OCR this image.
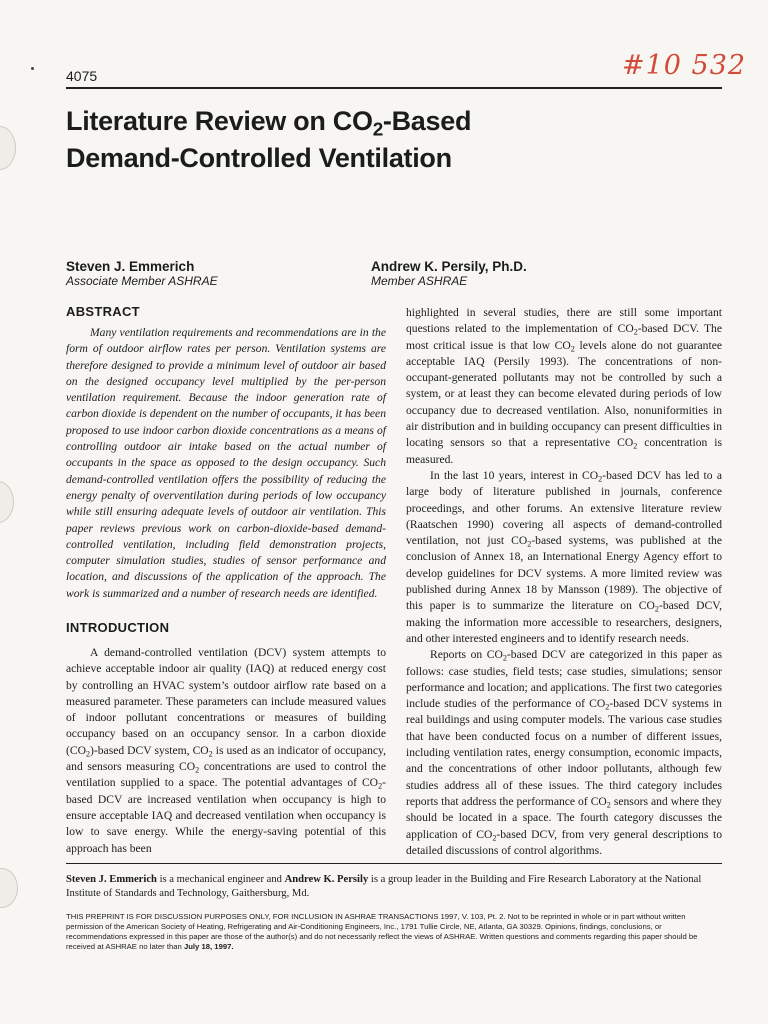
4075	#10 532
Literature Review on $CO_2$-Based
Demand-Controlled Ventilation
Steven J. Emmerich
Associate Member ASHRAE
Andrew K. Persily, Ph.D.
Member ASHRAE
ABSTRACT

Many ventilation requirements and recommendations are in the form of outdoor airflow rates per person. Ventilation systems are therefore designed to provide a minimum level of outdoor air based on the designed occupancy level multiplied by the per-person ventilation requirement. Because the indoor generation rate of carbon dioxide is dependent on the number of occupants, it has been proposed to use indoor carbon dioxide concentrations as a means of controlling outdoor air intake based on the actual number of occupants in the space as opposed to the design occupancy. Such demand-controlled ventilation offers the possibility of reducing the energy penalty of overventilation during periods of low occupancy while still ensuring adequate levels of outdoor air ventilation. This paper reviews previous work on carbon-dioxide-based demand-controlled ventilation, including field demonstration projects, computer simulation studies, studies of sensor performance and location, and discussions of the application of the approach. The work is summarized and a number of research needs are identified.

INTRODUCTION

A demand-controlled ventilation (DCV) system attempts to achieve acceptable indoor air quality (IAQ) at reduced energy cost by controlling an HVAC system’s outdoor airflow rate based on a measured parameter. These parameters can include measured values of indoor pollutant concentrations or measures of building occupancy based on an occupancy sensor. In a carbon dioxide $(CO_2)$-based DCV system, $CO_2$ is used as an indicator of occupancy, and sensors measuring $CO_2$ concentrations are used to control the ventilation supplied to a space. The potential advantages of $CO_2$-based DCV are increased ventilation when occupancy is high to ensure acceptable IAQ and decreased ventilation when occupancy is low to save energy. While the energy-saving potential of this approach has been

highlighted in several studies, there are still some important questions related to the implementation of $CO_2$-based DCV. The most critical issue is that low $CO_2$ levels alone do not guarantee acceptable IAQ (Persily 1993). The concentrations of non-occupant-generated pollutants may not be controlled by such a system, or at least they can become elevated during periods of low occupancy due to decreased ventilation. Also, nonuniformities in air distribution and in building occupancy can present difficulties in locating sensors so that a representative $CO_2$ concentration is measured.

In the last 10 years, interest in $CO_2$-based DCV has led to a large body of literature published in journals, conference proceedings, and other forums. An extensive literature review (Raatschen 1990) covering all aspects of demand-controlled ventilation, not just $CO_2$-based systems, was published at the conclusion of Annex 18, an International Energy Agency effort to develop guidelines for DCV systems. A more limited review was published during Annex 18 by Mansson (1989). The objective of this paper is to summarize the literature on $CO_2$-based DCV, making the information more accessible to researchers, designers, and other interested engineers and to identify research needs.

Reports on $CO_2$-based DCV are categorized in this paper as follows: case studies, field tests; case studies, simulations; sensor performance and location; and applications. The first two categories include studies of the performance of $CO_2$-based DCV systems in real buildings and using computer models. The various case studies that have been conducted focus on a number of different issues, including ventilation rates, energy consumption, economic impacts, and the concentrations of other indoor pollutants, although few studies address all of these issues. The third category includes reports that address the performance of $CO_2$ sensors and where they should be located in a space. The fourth category discusses the application of $CO_2$-based DCV, from very general descriptions to detailed discussions of control algorithms.

Steven J. Emmerich is a mechanical engineer and Andrew K. Persily is a group leader in the Building and Fire Research Laboratory at the National Institute of Standards and Technology, Gaithersburg, Md.
THIS PREPRINT IS FOR DISCUSSION PURPOSES ONLY, FOR INCLUSION IN ASHRAE TRANSACTIONS 1997, V. 103, Pt. 2. Not to be reprinted in whole or in part without written permission of the American Society of Heating, Refrigerating and Air-Conditioning Engineers, Inc., 1791 Tullie Circle, NE, Atlanta, GA 30329. Opinions, findings, conclusions, or recommendations expressed in this paper are those of the author(s) and do not necessarily reflect the views of ASHRAE. Written questions and comments regarding this paper should be received at ASHRAE no later than July 18, 1997.
